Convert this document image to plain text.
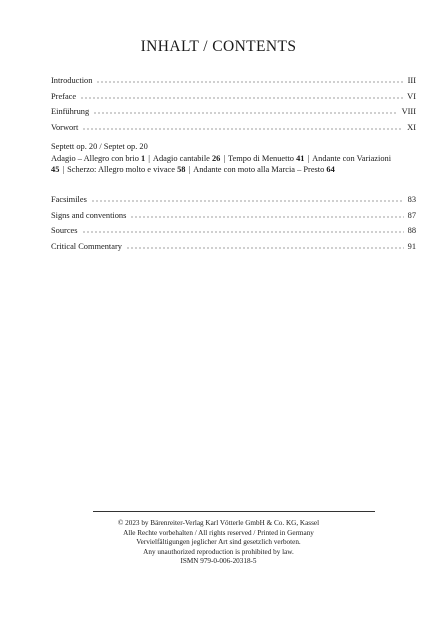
INHALT / CONTENTS
Introduction	III
Preface	VI
Einführung	VIII
Vorwort	XI
Septett op. 20 / Septet op. 20
Adagio – Allegro con brio 1 | Adagio cantabile 26 | Tempo di Menuetto 41 | Andante con Variazioni 45 | Scherzo: Allegro molto e vivace 58 | Andante con moto alla Marcia – Presto 64
Facsimiles	83
Signs and conventions	87
Sources	88
Critical Commentary	91
© 2023 by Bärenreiter-Verlag Karl Vötterle GmbH & Co. KG, Kassel
Alle Rechte vorbehalten / All rights reserved / Printed in Germany
Vervielfältigungen jeglicher Art sind gesetzlich verboten.
Any unauthorized reproduction is prohibited by law.
ISMN 979-0-006-20318-5
